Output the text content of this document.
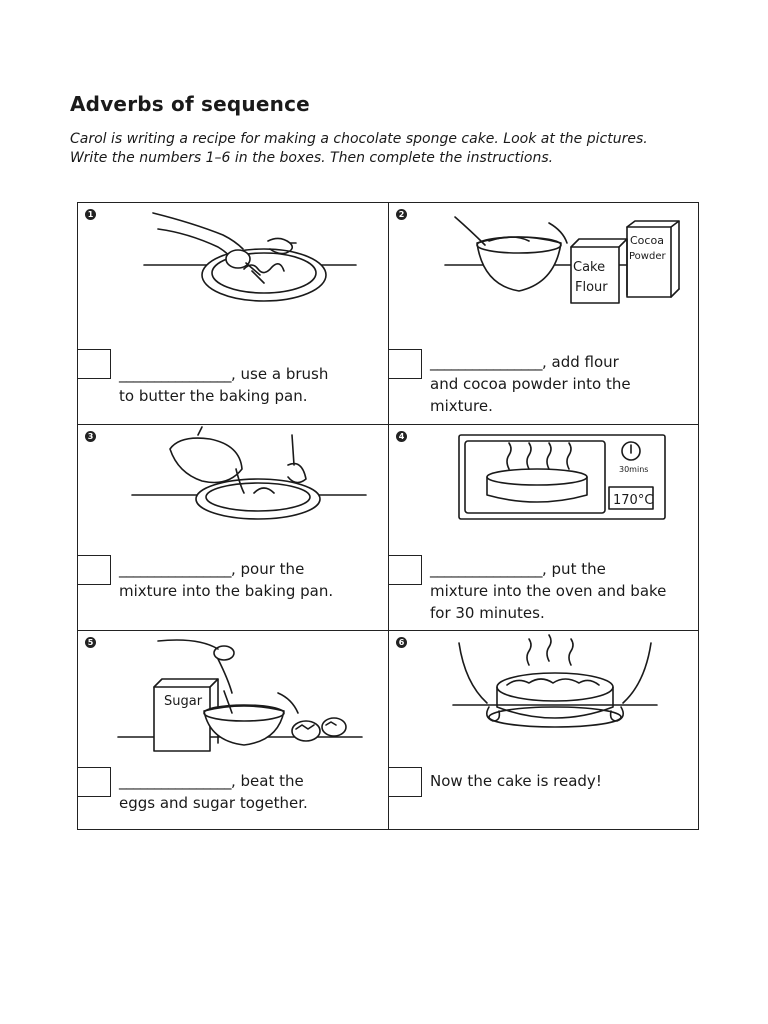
Adverbs of sequence
Carol is writing a recipe for making a chocolate sponge cake. Look at the pictures.
Write the numbers 1–6 in the boxes. Then complete the instructions.
1
________________, use a brush
to butter the baking pan.
2
Cocoa
Powder
Cake
Flour
________________, add flour
and cocoa powder into the
mixture.
3
________________, pour the
mixture into the baking pan.
4
30mins
170°C
________________, put the
mixture into the oven and bake
for 30 minutes.
5
Sugar
________________, beat the
eggs and sugar together.
6
Now the cake is ready!
